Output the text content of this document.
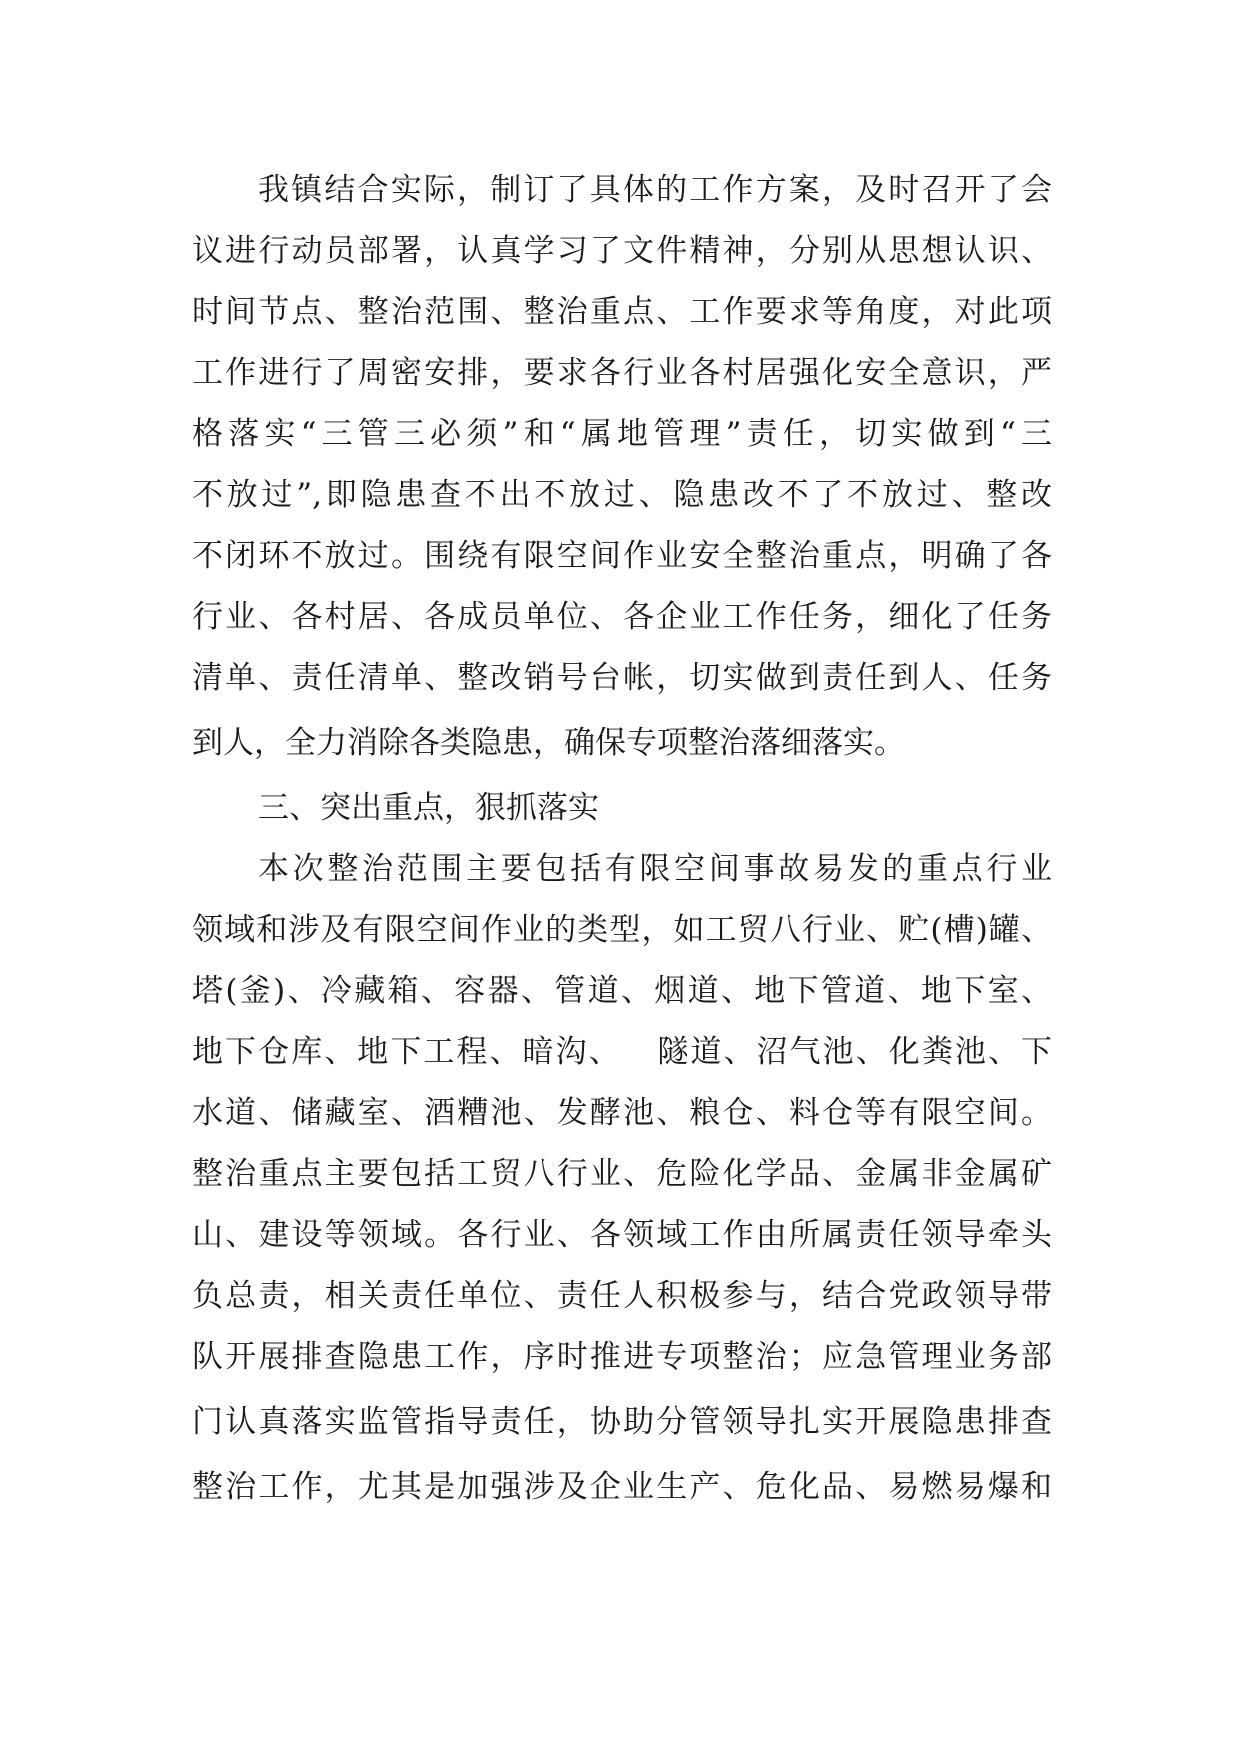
我镇结合实际，制订了具体的工作方案，及时召开了会
议进行动员部署，认真学习了文件精神，分别从思想认识、
时间节点、整治范围、整治重点、工作要求等角度，对此项
工作进行了周密安排，要求各行业各村居强化安全意识，严
格落实“三管三必须”和“属地管理”责任，切实做到“三
不放过”,即隐患查不出不放过、隐患改不了不放过、整改
不闭环不放过。围绕有限空间作业安全整治重点，明确了各
行业、各村居、各成员单位、各企业工作任务，细化了任务
清单、责任清单、整改销号台帐，切实做到责任到人、任务
到人，全力消除各类隐患，确保专项整治落细落实。
三、突出重点，狠抓落实
本次整治范围主要包括有限空间事故易发的重点行业
领域和涉及有限空间作业的类型，如工贸八行业、贮(槽)罐、
塔(釜)、冷藏箱、容器、管道、烟道、地下管道、地下室、
地下仓库、地下工程、暗沟、   隧道、沼气池、化粪池、下
水道、储藏室、酒糟池、发酵池、粮仓、料仓等有限空间。
整治重点主要包括工贸八行业、危险化学品、金属非金属矿
山、建设等领域。各行业、各领域工作由所属责任领导牵头
负总责，相关责任单位、责任人积极参与，结合党政领导带
队开展排查隐患工作，序时推进专项整治；应急管理业务部
门认真落实监管指导责任，协助分管领导扎实开展隐患排查
整治工作，尤其是加强涉及企业生产、危化品、易燃易爆和
